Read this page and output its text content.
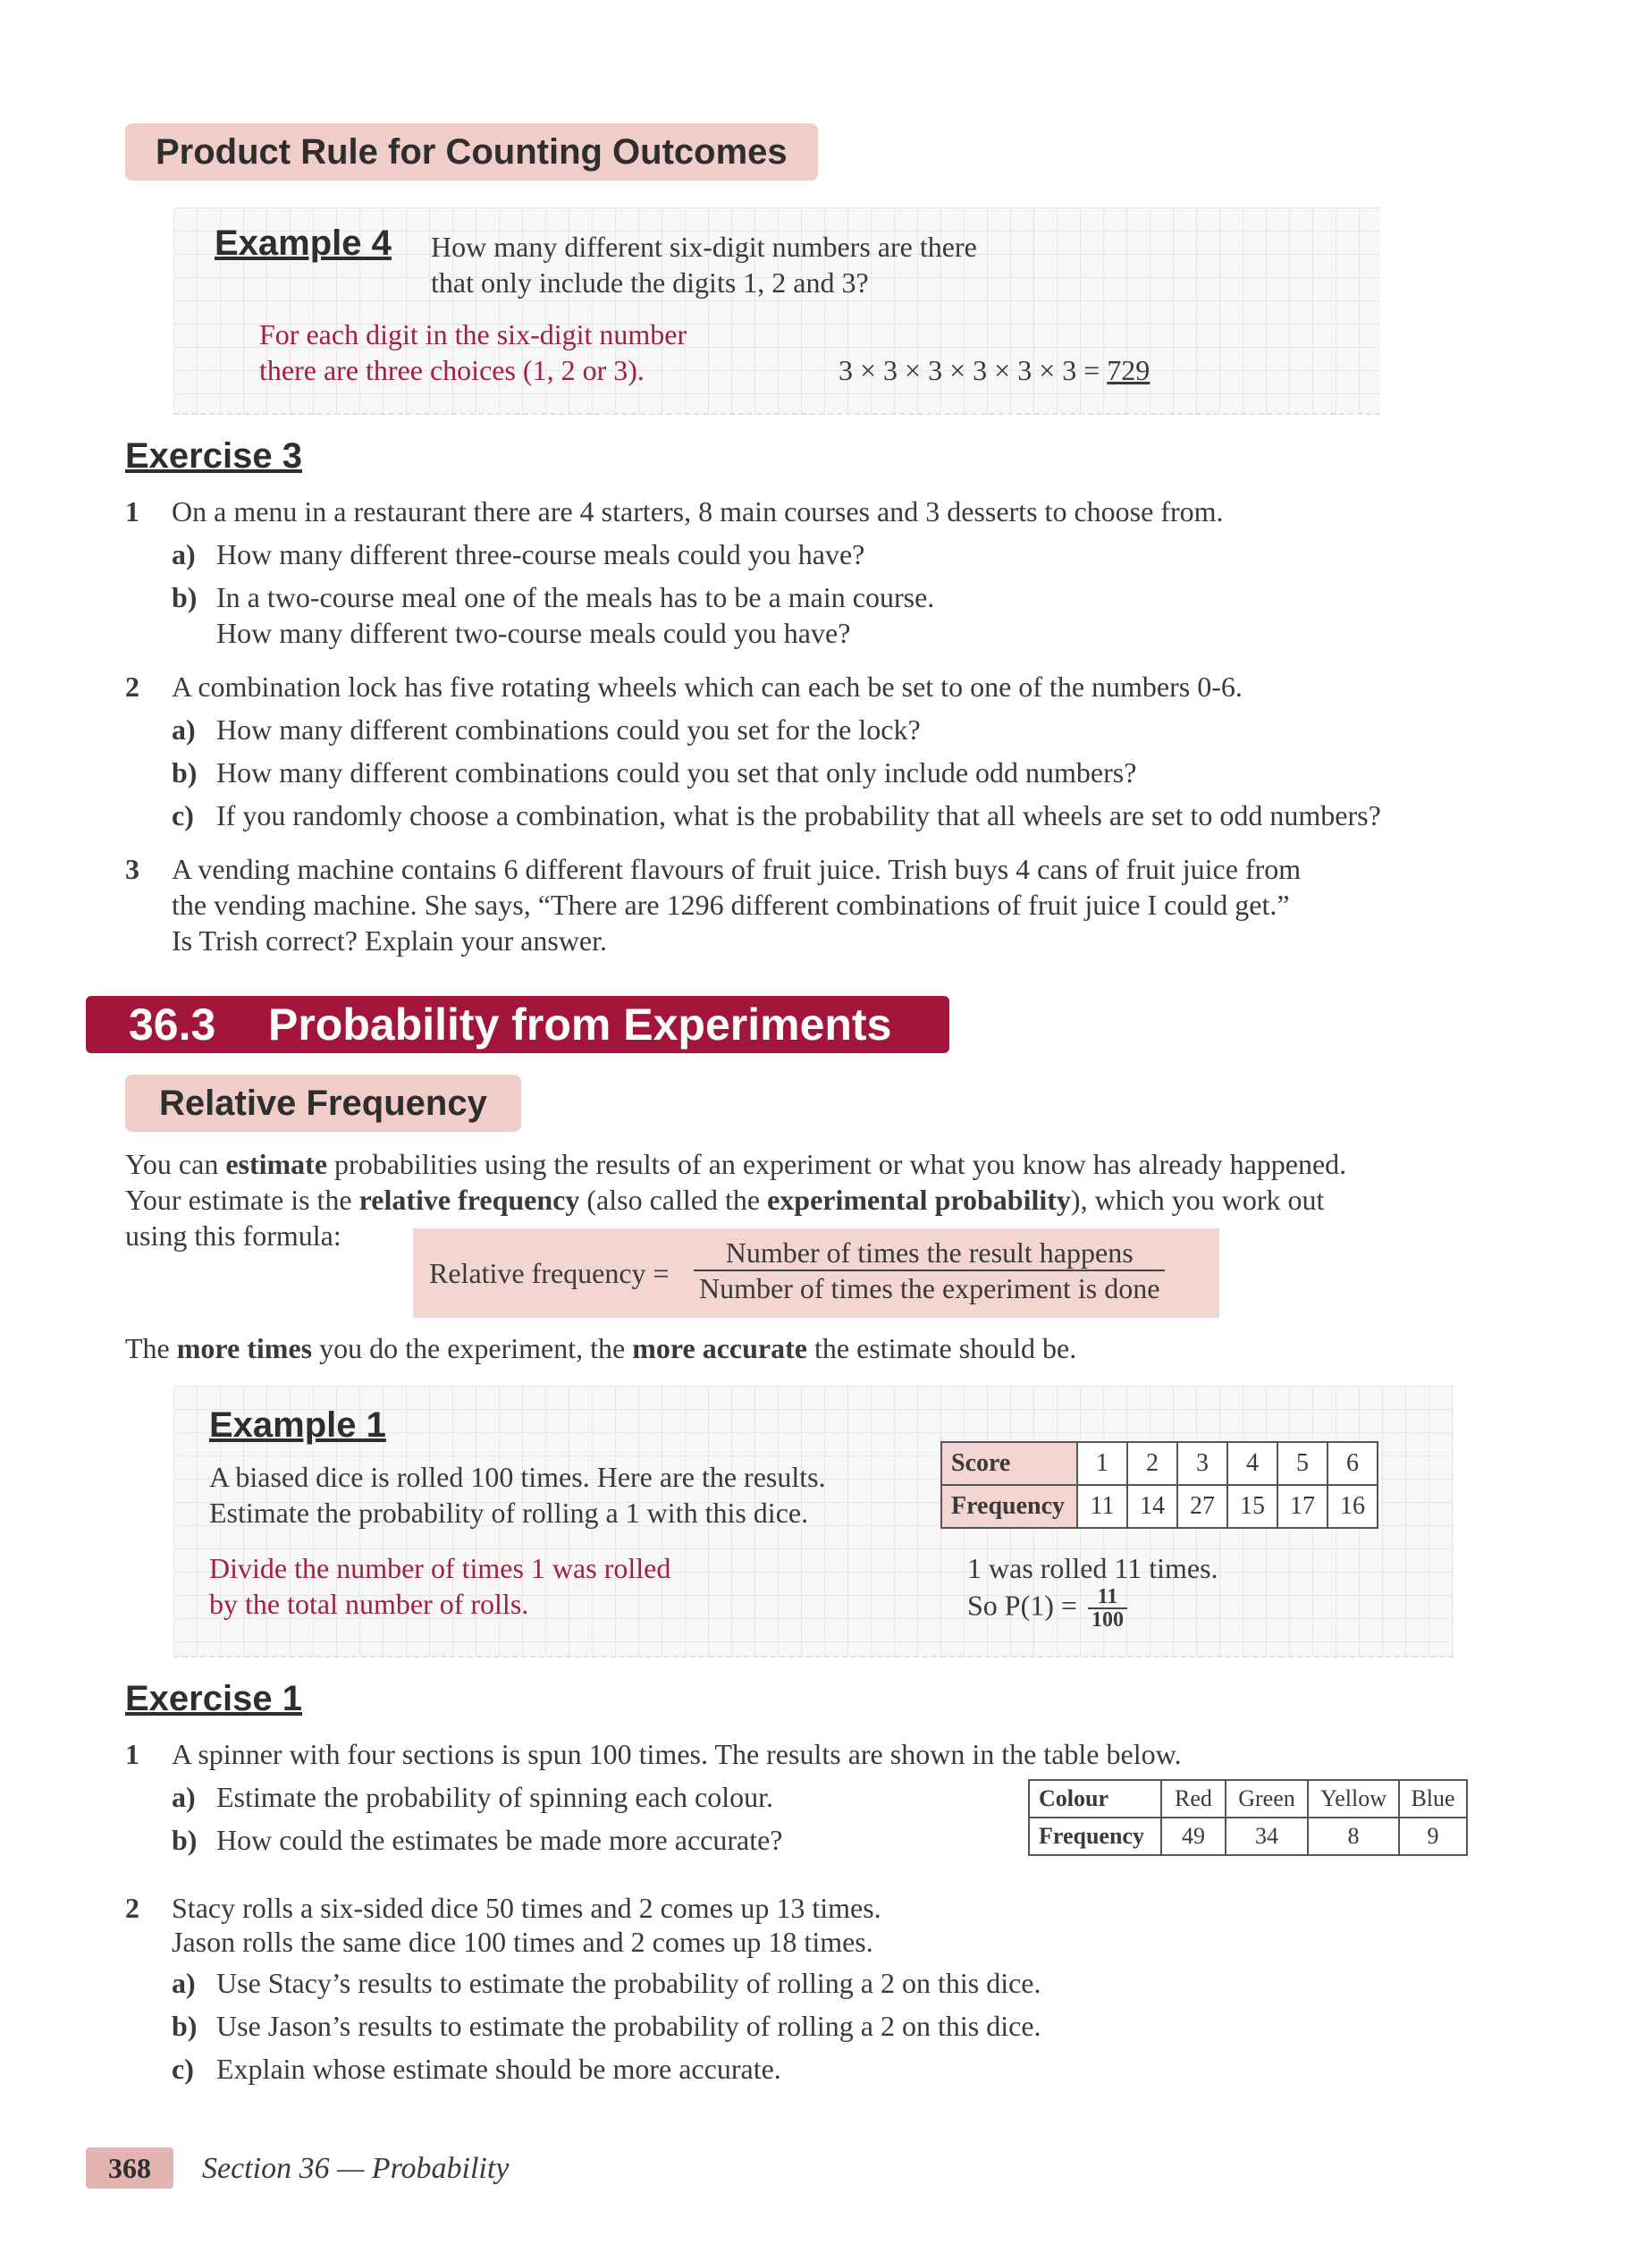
Product Rule for Counting Outcomes
Example 4 How many different six-digit numbers are there
that only include the digits 1, 2 and 3?
For each digit in the six-digit number
there are three choices (1, 2 or 3).	3 × 3 × 3 × 3 × 3 × 3 = 729
Exercise 3
1 On a menu in a restaurant there are 4 starters, 8 main courses and 3 desserts to choose from.
a) How many different three-course meals could you have?
b) In a two-course meal one of the meals has to be a main course.
How many different two-course meals could you have?
2 A combination lock has five rotating wheels which can each be set to one of the numbers 0-6.
a) How many different combinations could you set for the lock?
b) How many different combinations could you set that only include odd numbers?
c) If you randomly choose a combination, what is the probability that all wheels are set to odd numbers?
3 A vending machine contains 6 different flavours of fruit juice. Trish buys 4 cans of fruit juice from
the vending machine. She says, “There are 1296 different combinations of fruit juice I could get.”
Is Trish correct? Explain your answer.
36.3 Probability from Experiments
Relative Frequency
You can estimate probabilities using the results of an experiment or what you know has already happened.
Your estimate is the relative frequency (also called the experimental probability), which you work out
using this formula:
Relative frequency =
Number of times the result happens
Number of times the experiment is done
The more times you do the experiment, the more accurate the estimate should be.
Example 1
A biased dice is rolled 100 times. Here are the results.
Estimate the probability of rolling a 1 with this dice.
Divide the number of times 1 was rolled
by the total number of rolls.
Score	1	2	3	4	5	6
Frequency	11	14	27	15	17	16
1 was rolled 11 times.
So $P(1) = \frac{11}{100}$
Exercise 1
1 A spinner with four sections is spun 100 times. The results are shown in the table below.
a) Estimate the probability of spinning each colour.
b) How could the estimates be made more accurate?
Colour	Red	Green	Yellow	Blue
Frequency	49	34	8	9
2 Stacy rolls a six-sided dice 50 times and 2 comes up 13 times.
Jason rolls the same dice 100 times and 2 comes up 18 times.
a) Use Stacy’s results to estimate the probability of rolling a 2 on this dice.
b) Use Jason’s results to estimate the probability of rolling a 2 on this dice.
c) Explain whose estimate should be more accurate.
368	Section 36 — Probability
